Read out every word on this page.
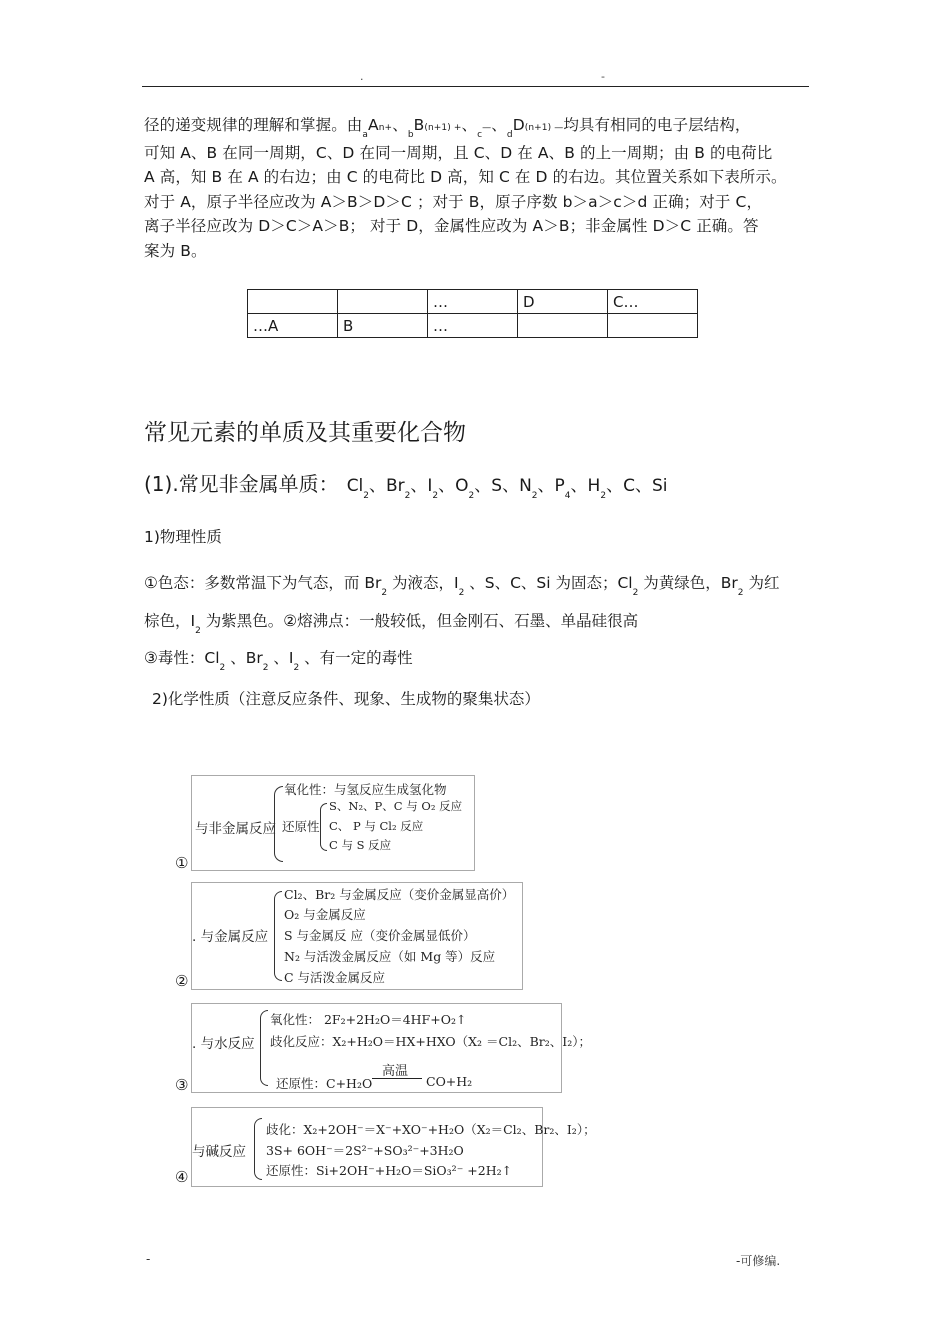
.	-

径的递变规律的理解和掌握。由$_a$An+、$_b$B(n+1) +、$_c$—、$_d$D(n+1) —均具有相同的电子层结构，

可知 A、B 在同一周期，C、D 在同一周期，且 C、D 在 A、B 的上一周期；由 B 的电荷比

A 高，知 B 在 A 的右边；由 C 的电荷比 D 高，知 C 在 D 的右边。其位置关系如下表所示。

对于 A，原子半径应改为 A＞B＞D＞C ；对于 B，原子序数 b＞a＞c＞d 正确；对于 C，

离子半径应改为 D＞C＞A＞B； 对于 D，金属性应改为 A＞B；非金属性 D＞C 正确。答

案为 B。

		…	D	C…
…A	B	…		
常见元素的单质及其重要化合物
(1).常见非金属单质： $Cl_2$、$Br_2$、$I_2$、$O_2$、S、$N_2$、$P_4$、$H_2$、C、Si
1)物理性质
①色态：多数常温下为气态，而 $Br_2$ 为液态，$I_2$ 、S、C、Si 为固态；$Cl_2$ 为黄绿色，$Br_2$ 为红
棕色，$I_2$ 为紫黑色。②熔沸点：一般较低，但金刚石、石墨、单晶硅很高
③毒性：$Cl_2$ 、$Br_2$ 、$I_2$ 、有一定的毒性
2)化学性质（注意反应条件、现象、生成物的聚集状态）
①
与非金属反应
氧化性：与氢反应生成氢化物
还原性
S、N₂、P、C 与 O₂ 反应
C、 P 与 Cl₂ 反应
C 与 S 反应
②
. 与金属反应
Cl₂、Br₂ 与金属反应（变价金属显高价）
O₂ 与金属反应
S 与金属反 应（变价金属显低价）
N₂ 与活泼金属反应（如 Mg 等）反应
C 与活泼金属反应
③
. 与水反应
氧化性： 2F₂+2H₂O＝4HF+O₂↑
歧化反应：X₂+H₂O＝HX+HXO（X₂ ＝Cl₂、Br₂、I₂）；
还原性：C+H₂O
高温
CO+H₂
④
与碱反应
歧化：X₂+2OH⁻＝X⁻+XO⁻+H₂O（X₂＝Cl₂、Br₂、I₂）；
3S+ 6OH⁻＝2S²⁻+SO₃²⁻+3H₂O
还原性：Si+2OH⁻+H₂O＝SiO₃²⁻ +2H₂↑
-	-可修编.
